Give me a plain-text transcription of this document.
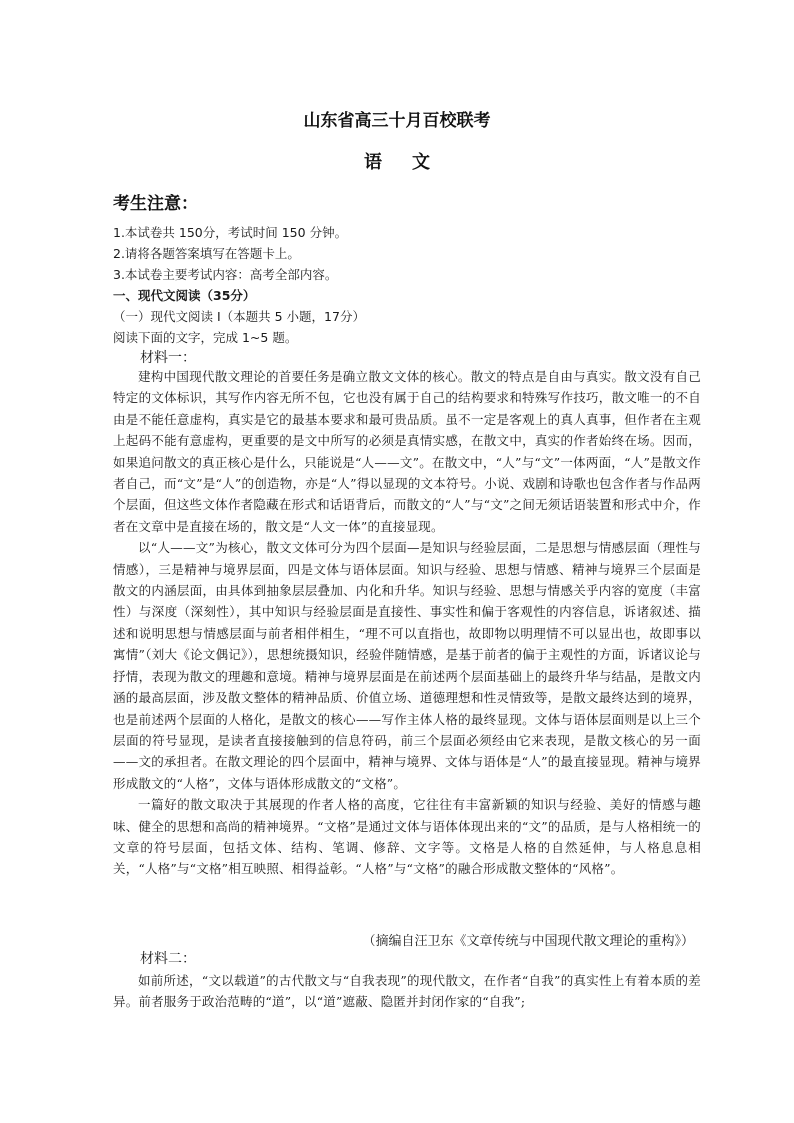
山东省高三十月百校联考
语文
考生注意：
1.本试卷共 150分，考试时间 150 分钟。
2.请将各题答案填写在答题卡上。
3.本试卷主要考试内容：高考全部内容。
一、现代文阅读（35分）
（一）现代文阅读 I（本题共 5 小题，17分）
阅读下面的文字，完成 1~5 题。
材料一：

建构中国现代散文理论的首要任务是确立散文文体的核心。散文的特点是自由与真实。散文没有自己特定的文体标识，其写作内容无所不包，它也没有属于自己的结构要求和特殊写作技巧，散文唯一的不自由是不能任意虚构，真实是它的最基本要求和最可贵品质。虽不一定是客观上的真人真事，但作者在主观上起码不能有意虚构，更重要的是文中所写的必须是真情实感，在散文中，真实的作者始终在场。因而，如果追问散文的真正核心是什么，只能说是“人——文”。在散文中，“人”与“文”一体两面，“人”是散文作者自己，而“文”是“人”的创造物，亦是“人”得以显现的文本符号。小说、戏剧和诗歌也包含作者与作品两个层面，但这些文体作者隐藏在形式和话语背后，而散文的“人”与“文”之间无须话语装置和形式中介，作者在文章中是直接在场的，散文是“人文一体”的直接显现。

以“人——文”为核心，散文文体可分为四个层面—是知识与经验层面，二是思想与情感层面（理性与情感），三是精神与境界层面，四是文体与语体层面。知识与经验、思想与情感、精神与境界三个层面是散文的内涵层面，由具体到抽象层层叠加、内化和升华。知识与经验、思想与情感关乎内容的宽度（丰富性）与深度（深刻性），其中知识与经验层面是直接性、事实性和偏于客观性的内容信息，诉诸叙述、描述和说明思想与情感层面与前者相伴相生，“理不可以直指也，故即物以明理情不可以显出也，故即事以寓情”（刘大《论文偶记》），思想统摄知识，经验伴随情感，是基于前者的偏于主观性的方面，诉诸议论与抒情，表现为散文的理趣和意境。精神与境界层面是在前述两个层面基础上的最终升华与结晶，是散文内涵的最高层面，涉及散文整体的精神品质、价值立场、道德理想和性灵情致等，是散文最终达到的境界，也是前述两个层面的人格化，是散文的核心——写作主体人格的最终显现。文体与语体层面则是以上三个层面的符号显现，是读者直接接触到的信息符码，前三个层面必须经由它来表现，是散文核心的另一面——文的承担者。在散文理论的四个层面中，精神与境界、文体与语体是“人”的最直接显现。精神与境界形成散文的“人格”，文体与语体形成散文的“文格”。

一篇好的散文取决于其展现的作者人格的高度，它往往有丰富新颖的知识与经验、美好的情感与趣味、健全的思想和高尚的精神境界。“文格”是通过文体与语体体现出来的“文”的品质，是与人格相统一的文章的符号层面，包括文体、结构、笔调、修辞、文字等。文格是人格的自然延伸，与人格息息相关，“人格”与“文格”相互映照、相得益彰。“人格”与“文格”的融合形成散文整体的“风格”。

（摘编自汪卫东《文章传统与中国现代散文理论的重构》）
材料二：

如前所述，“文以载道”的古代散文与“自我表现”的现代散文，在作者“自我”的真实性上有着本质的差异。前者服务于政治范畴的“道”，以“道”遮蔽、隐匿并封闭作家的“自我”;
